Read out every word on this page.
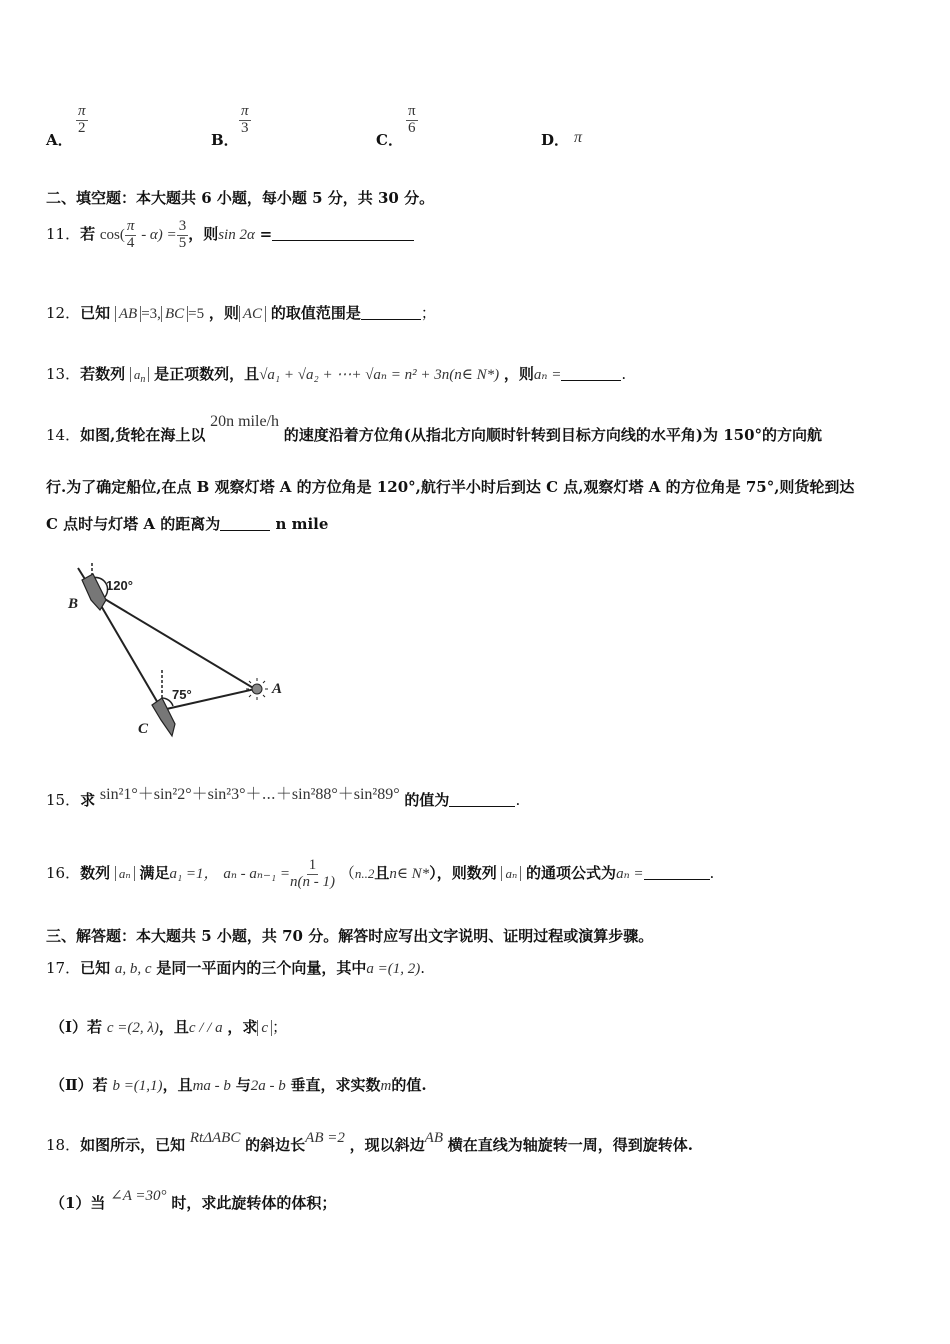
A．
$\frac{\pi}{2}$
B．
$\frac{\pi}{3}$
C．
$\frac{\pi}{6}$
D． π
二、填空题：本大题共 6 小题，每小题 5 分，共 30 分。
11．若 $\cos( \frac{\pi}{4} - \alpha) = \frac{3}{5}$ ，则sin 2α =
12．已知 AB =3, BC =5 ，则 AC 的取值范围是	；
13．若数列 $a_n$ 是正项数列，且√a₁ + √a₂ + ⋯+ √aₙ = n² + 3n(n∈ N*) ，则aₙ =	.
14．如图,货轮在海上以 20n mile/h 的速度沿着方位角(从指北方向顺时针转到目标方向线的水平角)为 150°的方向航
行.为了确定船位,在点 B 观察灯塔 A 的方位角是 120°,航行半小时后到达 C 点,观察灯塔 A 的方位角是 75°,则货轮到达
C 点时与灯塔 A 的距离为	n mile
B
C
A
120°
75°
15．求 sin²1°＋sin²2°＋sin²3°＋⋯＋sin²88°＋sin²89° 的值为	.
16．数列 aₙ 满足a₁ =1， $a_n - a_{n-1} = \frac{1}{n(n - 1)} (n..2$且n∈ N*），则数列 aₙ 的通项公式为aₙ =	.
三、解答题：本大题共 5 小题，共 70 分。解答时应写出文字说明、证明过程或演算步骤。
17．已知 a, b, c 是同一平面内的三个向量，其中a =(1, 2).
（Ⅰ）若 c =(2, λ)，且c / / a ，求 c ；
（Ⅱ）若 b =(1,1)，且ma - b 与2a - b 垂直，求实数m的值.
18．如图所示，已知 RtΔABC 的斜边长AB =2 ，现以斜边AB 横在直线为轴旋转一周，得到旋转体.
（1）当 ∠A =30° 时，求此旋转体的体积；
